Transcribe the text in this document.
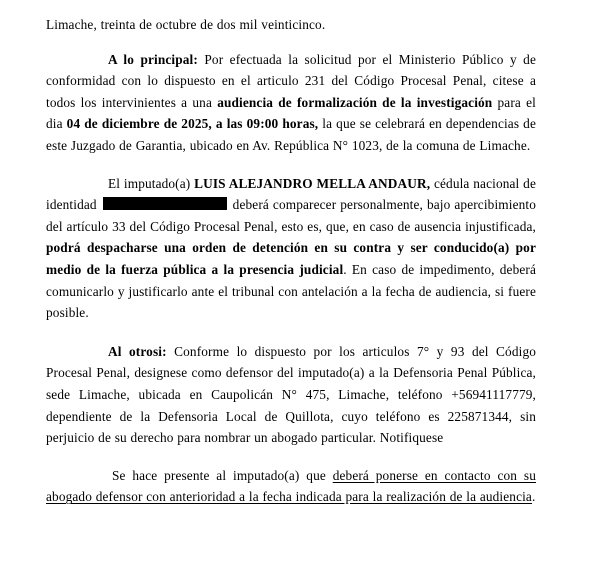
Limache, treinta de octubre de dos mil veinticinco.

A lo principal: Por efectuada la solicitud por el Ministerio Público y de conformidad con lo dispuesto en el articulo 231 del Código Procesal Penal, citese a todos los intervinientes a una audiencia de formalización de la investigación para el dia 04 de diciembre de 2025, a las 09:00 horas, la que se celebrará en dependencias de este Juzgado de Garantia, ubicado en Av. República N° 1023, de la comuna de Limache.

El imputado(a) LUIS ALEJANDRO MELLA ANDAUR, cédula nacional de identidad	deberá comparecer personalmente, bajo apercibimiento del artículo 33 del Código Procesal Penal, esto es, que, en caso de ausencia injustificada, podrá despacharse una orden de detención en su contra y ser conducido(a) por medio de la fuerza pública a la presencia judicial. En caso de impedimento, deberá comunicarlo y justificarlo ante el tribunal con antelación a la fecha de audiencia, si fuere posible.

Al otrosi: Conforme lo dispuesto por los articulos 7° y 93 del Código Procesal Penal, designese como defensor del imputado(a) a la Defensoria Penal Pública, sede Limache, ubicada en Caupolicán N° 475, Limache, teléfono +56941117779, dependiente de la Defensoria Local de Quillota, cuyo teléfono es 225871344, sin perjuicio de su derecho para nombrar un abogado particular. Notifiquese

Se hace presente al imputado(a) que deberá ponerse en contacto con su abogado defensor con anterioridad a la fecha indicada para la realización de la audiencia.
